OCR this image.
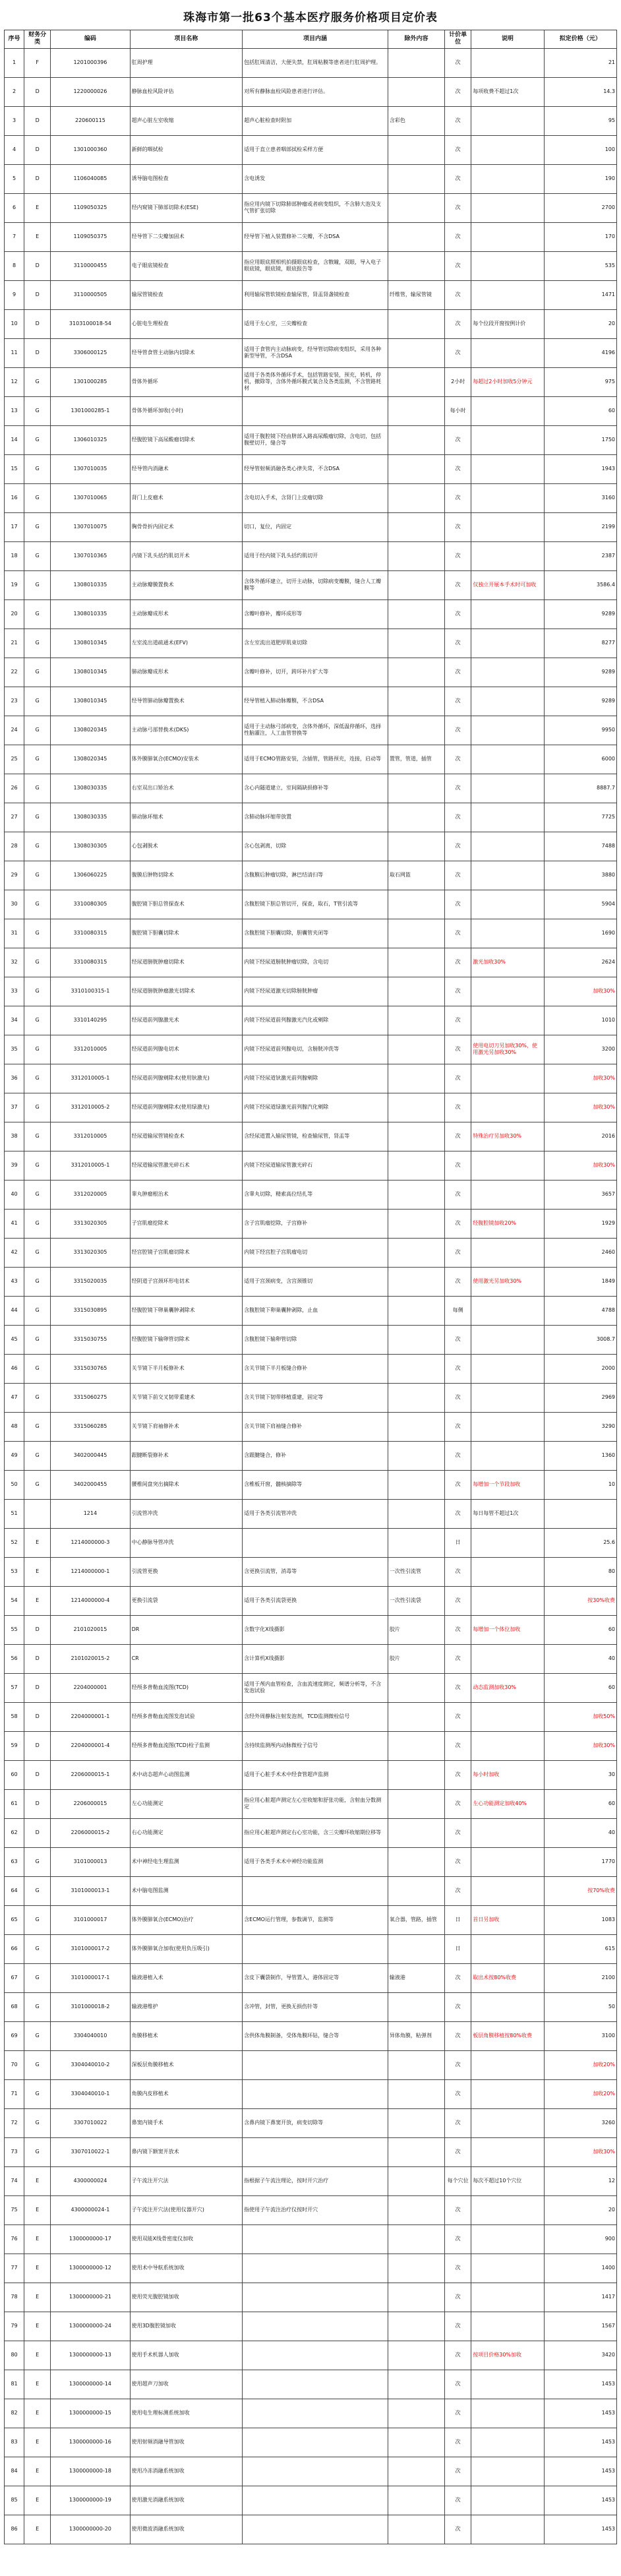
珠海市第一批63个基本医疗服务价格项目定价表
序号	财务分类	编码	项目名称	项目内涵	除外内容	计价单位	说明	拟定价格（元）
1	F	1201000396	肛周护理	包括肛周清洁，大便失禁，肛周粘膜等患者进行肛周护理。		次		21
2	D	1220000026	静脉血栓风险评估	对所有静脉血栓风险患者进行评估。		次	每项收费不超过1次	14.3
3	D	220600115	超声心脏左室收缩	超声心脏检查时附加	含彩色	次		95
4	D	1301000360	新鲜的咽拭检	适用于直立患者咽部拭检采样方便		次		100
5	D	1106040085	诱导脑电图检查	含电诱发		次		190
6	E	1109050325	经内窥镜下肺部切除术(ESE)	指应用内镜下切除肺部肿瘤或者病变组织，不含肺大泡及支气管扩张切除		次		2700
7	E	1109050375	经导管下二尖瓣加固术	经导管下植入装置修补二尖瓣，不含DSA		次		170
8	D	3110000455	电子眼底镜检查	指应用眼底照相机拍摄眼底检查，含散瞳，双眼，导入电子眼底镜，眼底镜，眼底报告等		次		535
9	D	3110000505	输尿管镜检查	利用输尿管软镜检查输尿管，肾盂肾盏镜检查	纤维管，输尿管镜	次		1471
10	D	3103100018-54	心脏电生理检查	适用于左心室，三尖瓣检查		次	每个位段开窗按例计价	20
11	D	3306000125	经导管食管主动脉内切除术	适用于食管内主动脉病变，经导管切除病变组织，采用各种新型导管，不含DSA		次		4196
12	G	1301000285	骨体外循环	适用于各类体外循环手术，包括管路安装，预充，转机，停机，撤除等，含体外循环膜式氧合及各类监测，不含管路耗材		2小时	每超过2小时加收5分钟元	975
13	G	1301000285-1	骨体外循环加收(小时)			每小时		60
14	G	1306010325	经腹腔镜下高尿酸瘤切除术	适用于腹腔镜下经由脐部入路高尿酸瘤切除，含电切，包括腹壁切开，缝合等		次		1750
15	G	1307010035	经导管内消融术	经导管射频消融各类心律失常，不含DSA		次		1943
16	G	1307010065	肾门上皮瘤术	含电切入手术，含肾门上皮瘤切除		次		3160
17	G	1307010075	胸骨骨折内固定术	切口，复位，内固定		次		2199
18	G	1307010365	内镜下乳头括约肌切开术	适用于经内镜下乳头括约肌切开		次		2387
19	G	1308010335	主动脉瓣膜置换术	含体外循环建立，切开主动脉，切除病变瓣膜，缝合人工瓣膜等		次	仅独立开展本手术时可加收	3586.4
20	G	1308010335	主动脉瓣成形术	含瓣叶修补，瓣环成形等		次		9289
21	G	1308010345	左室流出道疏通术(EFV)	含左室流出道肥厚肌束切除		次		8277
22	G	1308010345	肺动脉瓣成形术	含瓣叶修补，切开，跨环补片扩大等		次		9289
23	G	1308010345	经导管肺动脉瓣置换术	经导管植入肺动脉瓣膜，不含DSA		次		9289
24	G	1308020345	主动脉弓部替换术(DKS)	适用于主动脉弓部病变，含体外循环，深低温停循环，选择性脑灌注，人工血管替换等		次		9950
25	G	1308020345	体外膜肺氧合(ECMO)安装术	适用于ECMO管路安装，含插管，管路预充，连接，启动等	置管，管道，插管	次		6000
26	G	1308030335	右室双出口矫治术	含心内隧道建立，室间隔缺损修补等		次		8887.7
27	G	1308030335	肺动脉环缩术	含肺动脉环缩带放置		次		7725
28	G	1308030305	心包剥脱术	含心包剥离，切除		次		7488
29	G	1306060225	腹膜后肿物切除术	含腹膜后肿瘤切除，淋巴结清扫等	取石网篮	次		3880
30	G	3310080305	腹腔镜下胆总管探查术	含腹腔镜下胆总管切开，探查，取石，T管引流等		次		5904
31	G	3310080315	腹腔镜下胆囊切除术	含腹腔镜下胆囊切除，胆囊管夹闭等		次		1690
32	G	3310080315	经尿道膀胱肿瘤切除术	内镜下经尿道膀胱肿瘤切除，含电切		次	激光加收30%	2624
33	G	3310100315-1	经尿道膀胱肿瘤激光切除术	内镜下经尿道激光切除膀胱肿瘤		次		加收30%
34	G	3310140295	经尿道前列腺激光术	内镜下经尿道前列腺激光汽化或剜除		次		1010
35	G	3312010005	经尿道前列腺电切术	内镜下经尿道前列腺电切，含膀胱冲洗等		次	使用电切刀另加收30%，使用激光另加收30%	3200
36	G	3312010005-1	经尿道前列腺剜除术(使用钬激光)	内镜下经尿道钬激光前列腺剜除		次		加收30%
37	G	3312010005-2	经尿道前列腺剜除术(使用绿激光)	内镜下经尿道绿激光前列腺汽化剜除		次		加收30%
38	G	3312010005	经尿道输尿管镜检查术	含经尿道置入输尿管镜，检查输尿管，肾盂等		次	特殊治疗另加收30%	2016
39	G	3312010005-1	经尿道输尿管激光碎石术	内镜下经尿道输尿管激光碎石		次		加收30%
40	G	3312020005	睾丸肿瘤根治术	含睾丸切除，精索高位结扎等		次		3657
41	G	3313020305	子宫肌瘤挖除术	含子宫肌瘤挖除，子宫修补		次	经腹腔镜加收20%	1929
42	G	3313020305	经宫腔镜子宫肌瘤切除术	内镜下经宫腔子宫肌瘤电切		次		2460
43	G	3315020035	经阴道子宫颈环形电切术	适用于宫颈病变，含宫颈锥切		次	使用激光另加收30%	1849
44	G	3315030895	经腹腔镜下卵巢囊肿剥除术	含腹腔镜下卵巢囊肿剥除，止血		每侧		4788
45	G	3315030755	经腹腔镜下输卵管切除术	含腹腔镜下输卵管切除		次		3008.7
46	G	3315030765	关节镜下半月板修补术	含关节镜下半月板缝合修补		次		2000
47	G	3315060275	关节镜下前交叉韧带重建术	含关节镜下韧带移植重建，固定等		次		2969
48	G	3315060285	关节镜下肩袖修补术	含关节镜下肩袖缝合修补		次		3290
49	G	3402000445	跟腱断裂修补术	含跟腱缝合，修补		次		1360
50	G	3402000455	腰椎间盘突出摘除术	含椎板开窗，髓核摘除等		次	每增加一个节段加收	10
51		1214	引流管冲洗	适用于各类引流管冲洗		次	每日每管不超过1次	
52	E	1214000000-3	中心静脉导管冲洗			日		25.6
53	E	1214000000-1	引流管更换	含更换引流管，消毒等	一次性引流管	次		80
54	E	1214000000-4	更换引流袋	适用于各类引流袋更换	一次性引流袋	次		按30%收费
55	D	2101020015	DR	含数字化X线摄影	胶片	次	每增加一个体位加收	60
56	D	2101020015-2	CR	含计算机X线摄影	胶片	次		40
57	D	2204000001	经颅多普勒血流图(TCD)	适用于颅内血管检查，含血流速度测定，频谱分析等，不含发泡试验		次	动态监测加收30%	60
58	D	2204000001-1	经颅多普勒血流图发泡试验	含经外周静脉注射发泡剂，TCD监测微栓信号		次		加收50%
59	D	2204000001-4	经颅多普勒血流图(TCD)栓子监测	含持续监测颅内动脉微栓子信号		次		加收30%
60	D	2206000015-1	术中动态超声心动图监测	适用于心脏手术术中经食管超声监测		次	每小时加收	30
61	D	2206000015	左心功能测定	指应用心脏超声测定左心室收缩和舒张功能，含射血分数测定		次	左心功能测定加收40%	60
62	D	2206000015-2	右心功能测定	指应用心脏超声测定右心室功能，含三尖瓣环收缩期位移等		次		40
63	G	3101000013	术中神经电生理监测	适用于各类手术术中神经功能监测		次		1770
64	G	3101000013-1	术中脑电图监测			次		按70%收费
65	G	3101000017	体外膜肺氧合(ECMO)治疗	含ECMO运行管理，参数调节，监测等	氧合器，管路，插管	日	首日另加收	1083
66	G	3101000017-2	体外膜肺氧合加收(使用负压吸引)			日		615
67	G	3101000017-1	输液港植入术	含皮下囊袋制作，导管置入，港体固定等	输液港	次	取出术按80%收费	2100
68	G	3101000018-2	输液港维护	含冲管，封管，更换无损伤针等		次		50
69	G	3304040010	角膜移植术	含供体角膜制备，受体角膜环钻，缝合等	异体角膜，粘弹剂	次	板层角膜移植按80%收费	3100
70	G	3304040010-2	深板层角膜移植术			次		加收20%
71	G	3304040010-1	角膜内皮移植术			次		加收20%
72	G	3307010022	鼻窦内镜手术	含鼻内镜下鼻窦开放，病变切除等		次		3260
73	G	3307010022-1	鼻内镜下额窦开放术			次		加收30%
74	E	4300000024	子午流注开穴法	指根据子午流注理论，按时开穴治疗		每个穴位	每次不超过10个穴位	12
75	E	4300000024-1	子午流注开穴法(使用仪器开穴)	指使用子午流注治疗仪按时开穴		次		20
76	E	1300000000-17	使用双能X线骨密度仪加收			次		900
77	E	1300000000-12	使用术中导航系统加收			次		1400
78	E	1300000000-21	使用荧光腹腔镜加收			次		1417
79	E	1300000000-24	使用3D腹腔镜加收			次		1567
80	E	1300000000-13	使用手术机器人加收			次	按项目价格30%加收	3420
81	E	1300000000-14	使用超声刀加收			次		1453
82	E	1300000000-15	使用电生理标测系统加收			次		1453
83	E	1300000000-16	使用射频消融导管加收			次		1453
84	E	1300000000-18	使用冷冻消融系统加收			次		1453
85	E	1300000000-19	使用激光消融系统加收			次		1453
86	E	1300000000-20	使用微波消融系统加收			次		1453
